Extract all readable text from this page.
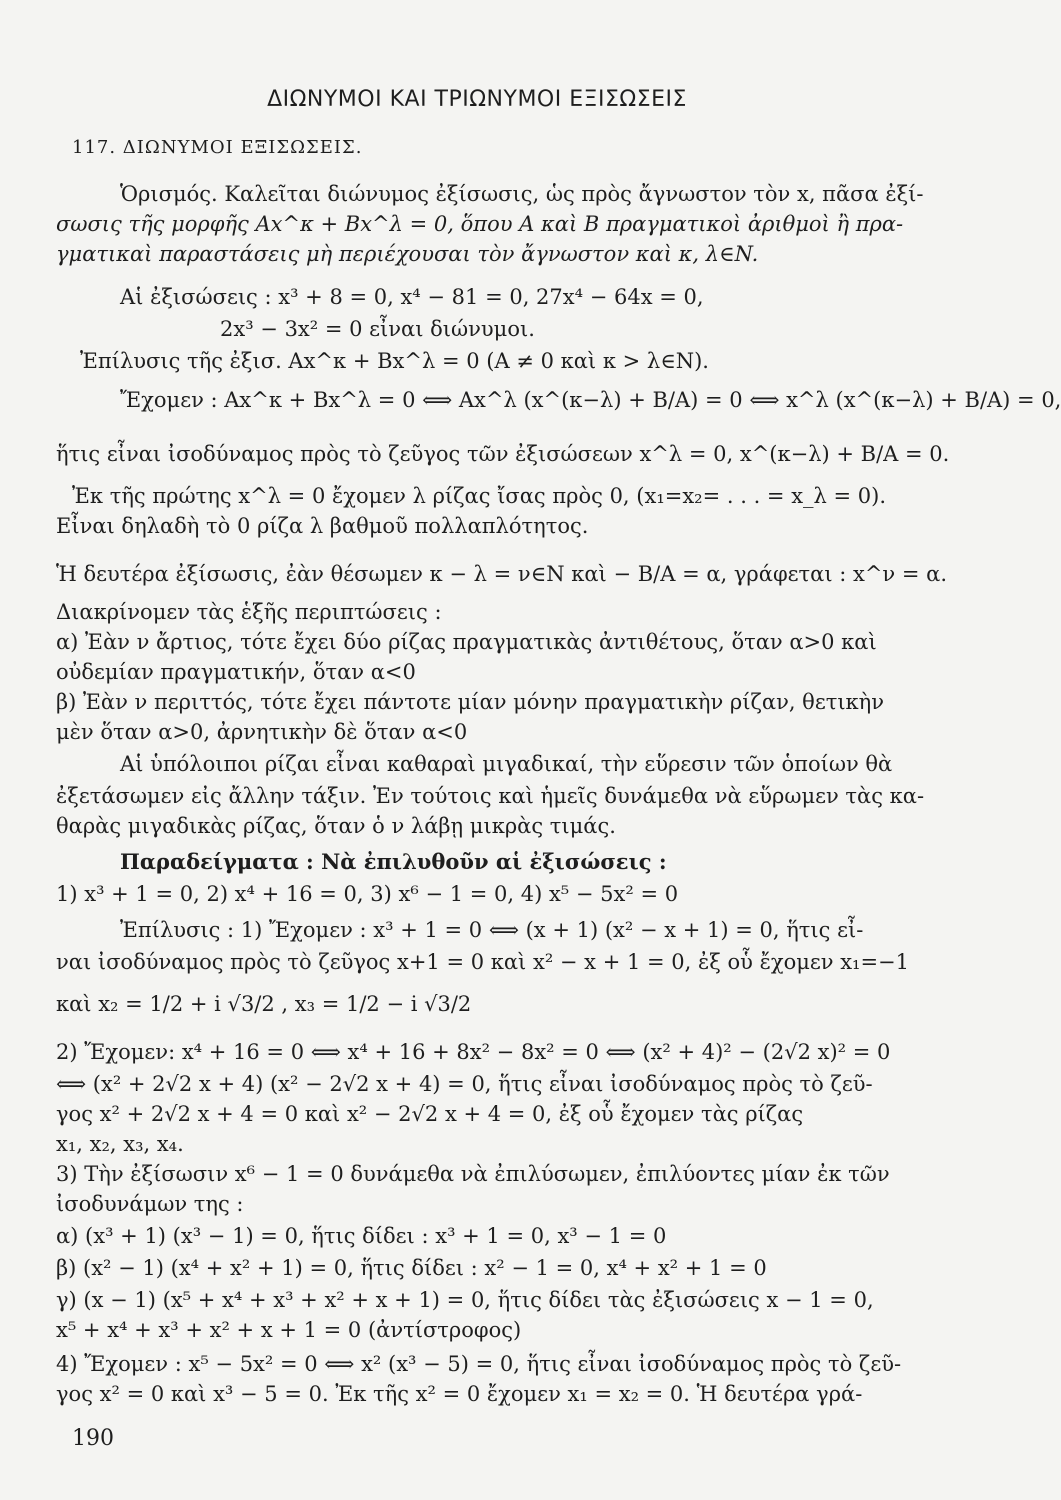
ΔΙΩΝΥΜΟΙ ΚΑΙ ΤΡΙΩΝΥΜΟΙ ΕΞΙΣΩΣΕΙΣ
117. ΔΙΩΝΥΜΟΙ ΕΞΙΣΩΣΕΙΣ.
Ὁρισμός. Καλεῖται διώνυμος ἐξίσωσις, ὡς πρὸς ἄγνωστον τὸν x, πᾶσα ἐξί-
σωσις τῆς μορφῆς Ax^κ + Bx^λ = 0, ὅπου A καὶ B πραγματικοὶ ἀριθμοὶ ἢ πρα-
γματικαὶ παραστάσεις μὴ περιέχουσαι τὸν ἄγνωστον καὶ κ, λ∈N.
Αἱ ἐξισώσεις : x³ + 8 = 0, x⁴ − 81 = 0, 27x⁴ − 64x = 0,
2x³ − 3x² = 0 εἶναι διώνυμοι.
Ἐπίλυσις τῆς ἐξισ. Ax^κ + Bx^λ = 0 (A ≠ 0 καὶ κ > λ∈N).
Ἔχομεν : Ax^κ + Bx^λ = 0 ⟺ Ax^λ (x^(κ−λ) + B/A) = 0 ⟺ x^λ (x^(κ−λ) + B/A) = 0,
ἥτις εἶναι ἰσοδύναμος πρὸς τὸ ζεῦγος τῶν ἐξισώσεων x^λ = 0, x^(κ−λ) + B/A = 0.
Ἐκ τῆς πρώτης x^λ = 0 ἔχομεν λ ρίζας ἴσας πρὸς 0, (x₁=x₂= . . . = x_λ = 0).
Εἶναι δηλαδὴ τὸ 0 ρίζα λ βαθμοῦ πολλαπλότητος.
Ἡ δευτέρα ἐξίσωσις, ἐὰν θέσωμεν κ − λ = ν∈N καὶ − B/A = α, γράφεται : x^ν = α.
Διακρίνομεν τὰς ἑξῆς περιπτώσεις :
α) Ἐὰν ν ἄρτιος, τότε ἔχει δύο ρίζας πραγματικὰς ἀντιθέτους, ὅταν α>0 καὶ
οὐδεμίαν πραγματικήν, ὅταν α<0
β) Ἐὰν ν περιττός, τότε ἔχει πάντοτε μίαν μόνην πραγματικὴν ρίζαν, θετικὴν
μὲν ὅταν α>0, ἀρνητικὴν δὲ ὅταν α<0
Αἱ ὑπόλοιποι ρίζαι εἶναι καθαραὶ μιγαδικαί, τὴν εὕρεσιν τῶν ὁποίων θὰ
ἐξετάσωμεν εἰς ἄλλην τάξιν. Ἐν τούτοις καὶ ἡμεῖς δυνάμεθα νὰ εὕρωμεν τὰς κα-
θαρὰς μιγαδικὰς ρίζας, ὅταν ὁ ν λάβῃ μικρὰς τιμάς.
Παραδείγματα : Νὰ ἐπιλυθοῦν αἱ ἐξισώσεις :
1) x³ + 1 = 0, 2) x⁴ + 16 = 0, 3) x⁶ − 1 = 0, 4) x⁵ − 5x² = 0
Ἐπίλυσις : 1) Ἔχομεν : x³ + 1 = 0 ⟺ (x + 1) (x² − x + 1) = 0, ἥτις εἶ-
ναι ἰσοδύναμος πρὸς τὸ ζεῦγος x+1 = 0 καὶ x² − x + 1 = 0, ἐξ οὗ ἔχομεν x₁=−1
καὶ x₂ = 1/2 + i √3/2 , x₃ = 1/2 − i √3/2
2) Ἔχομεν: x⁴ + 16 = 0 ⟺ x⁴ + 16 + 8x² − 8x² = 0 ⟺ (x² + 4)² − (2√2 x)² = 0
⟺ (x² + 2√2 x + 4) (x² − 2√2 x + 4) = 0, ἥτις εἶναι ἰσοδύναμος πρὸς τὸ ζεῦ-
γος x² + 2√2 x + 4 = 0 καὶ x² − 2√2 x + 4 = 0, ἐξ οὗ ἔχομεν τὰς ρίζας
x₁, x₂, x₃, x₄.
3) Τὴν ἐξίσωσιν x⁶ − 1 = 0 δυνάμεθα νὰ ἐπιλύσωμεν, ἐπιλύοντες μίαν ἐκ τῶν
ἰσοδυνάμων της :
α) (x³ + 1) (x³ − 1) = 0, ἥτις δίδει : x³ + 1 = 0, x³ − 1 = 0
β) (x² − 1) (x⁴ + x² + 1) = 0, ἥτις δίδει : x² − 1 = 0, x⁴ + x² + 1 = 0
γ) (x − 1) (x⁵ + x⁴ + x³ + x² + x + 1) = 0, ἥτις δίδει τὰς ἐξισώσεις x − 1 = 0,
x⁵ + x⁴ + x³ + x² + x + 1 = 0 (ἀντίστροφος)
4) Ἔχομεν : x⁵ − 5x² = 0 ⟺ x² (x³ − 5) = 0, ἥτις εἶναι ἰσοδύναμος πρὸς τὸ ζεῦ-
γος x² = 0 καὶ x³ − 5 = 0. Ἐκ τῆς x² = 0 ἔχομεν x₁ = x₂ = 0. Ἡ δευτέρα γρά-
190
